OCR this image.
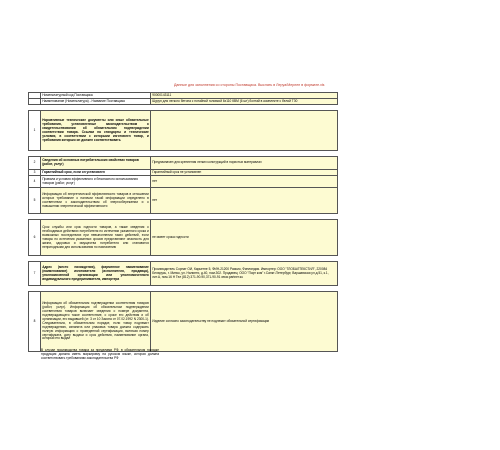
Данные для заполнения со стороны Поставщика. Выслать в Леруа/Мерлен в формате.xls
	Номенклатурный код Поставщика	90000143111
	Наименование (Номенклатура) - Название Поставщика	Шуруп для легкого бетона с потайной головкой 6х110 КВМ (6 шт) болтай в комплекте с белой ТЗ0

1	Нормативные технические документы или иные обязательные требования, установленные законодательством о свидетельствовании об обязательном подтверждении соответствии товара. Ссылки на стандарты и технические условия, в соответствии с которыми изготовлен товар, и требования которым он должен соответствовать	

2	Сведения об основных потребительских свойствах товаров (работ, услуг)	Предназначен для крепления легких конструкций в пористых материалах
3	Гарантийный срок, если он установлен	Гарантийный срок не установлен
4	Правила и условия эффективного и безопасного использования товаров (работ, услуг)	нет
5	Информация об энергетической эффективности товаров в отношении которых требование о наличии такой информации определено в соответствии с законодательством об энергосбережении и о повышении энергетической эффективности	нет

6	Срок службы или срок годности товаров, а также сведения о необходимых действиях потребителя по истечении указанного срока и возможных последствиях при невыполнении таких действий, если товары по истечении указанных сроков представляют опасность для жизни, здоровья и имущества потребителя или становятся непригодными для использования по назначению	не имеет срока годности

7	Адрес (место нахождения), фирменное наименование (наименование) изготовителя (исполнителя, продавца), уполномоченной организации или уполномоченного индивидуального предпринимателя, импортера	Производитель Сорнат ОИ, Карьетне 5, ФИН-21200 Раисио, Финляндия. Импортер: ООО "ГЛОБАЛТЕКСТИЛ", 220084 Беларусь, г. Минск, ул. Налинти, д.40, пом.302. Продавец: ООО "Парт ком" г.Санкт-Петербург, Варшавская ул.д.51, к.1, лит.А, пом.16 Н Тел (812) 371-90-90,371-90-91 www.partner.su

8	Информация об обязательном подтверждении соответствия товаров (работ, услуг). Информация об обязательном подтверждении соответствия товаров включает сведения о номере документа, подтверждающего такое соответствие, о сроке его действия и об организации, его выдавшей (ст. 3 от 10 Закона от 07.02.1992 N 2300-1). Следовательно, в обязательном порядке, если товар подлежит подтверждению, изнанита или упаковка товара должна содержать полную информацию о проведенной сертификации, включая номер сертификата, дату выдачи и срок действия, наименование органа, который его выдал	Изделие согласно законодательству не подлежит обязательной сертификации
В случае производства товара за пределами РФ, в обязательном порядке продукция должна иметь маркировку на русском языке, которая должна соответствовать требованиям законодательства РФ
